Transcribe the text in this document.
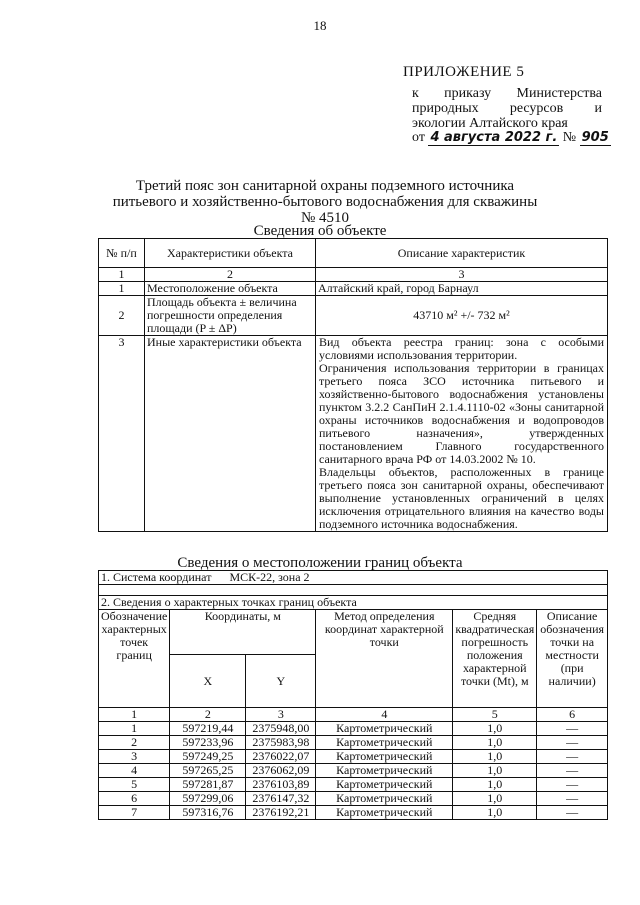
18
ПРИЛОЖЕНИЕ 5
к приказу Министерства природных ресурсов и экологии Алтайского края
от 4 августа 2022 г. № 905
Третий пояс зон санитарной охраны подземного источника питьевого и хозяйственно-бытового водоснабжения для скважины № 4510
Сведения об объекте
№ п/п	Характеристики объекта	Описание характеристик
1	2	3
1	Местоположение объекта	Алтайский край, город Барнаул
2	Площадь объекта ± величина погрешности определения площади (P ± ΔP)	43710 м² +/- 732 м²
3	Иные характеристики объекта	Вид объекта реестра границ: зона с особыми условиями использования территории.
Ограничения использования территории в границах третьего пояса ЗСО источника питьевого и хозяйственно-бытового водоснабжения установлены пунктом 3.2.2 СанПиН 2.1.4.1110-02 «Зоны санитарной охраны источников водоснабжения и водопроводов питьевого назначения», утвержденных постановлением Главного государственного санитарного врача РФ от 14.03.2002 № 10.
Владельцы объектов, расположенных в границе третьего пояса зон санитарной охраны, обеспечивают выполнение установленных ограничений в целях исключения отрицательного влияния на качество воды подземного источника водоснабжения.
Сведения о местоположении границ объекта
1. Система координат МСК-22, зона 2					

2. Сведения о характерных точках границ объекта					
Обозначение характерных точек границ	Координаты, м		Метод определения координат характерной точки	Средняя квадратическая погрешность положения характерной точки (Mt), м	Описание обозначения точки на местности (при наличии)
	X	Y			
1	2	3	4	5	6
1	597219,44	2375948,00	Картометрический	1,0	—
2	597233,96	2375983,98	Картометрический	1,0	—
3	597249,25	2376022,07	Картометрический	1,0	—
4	597265,25	2376062,09	Картометрический	1,0	—
5	597281,87	2376103,89	Картометрический	1,0	—
6	597299,06	2376147,32	Картометрический	1,0	—
7	597316,76	2376192,21	Картометрический	1,0	—
